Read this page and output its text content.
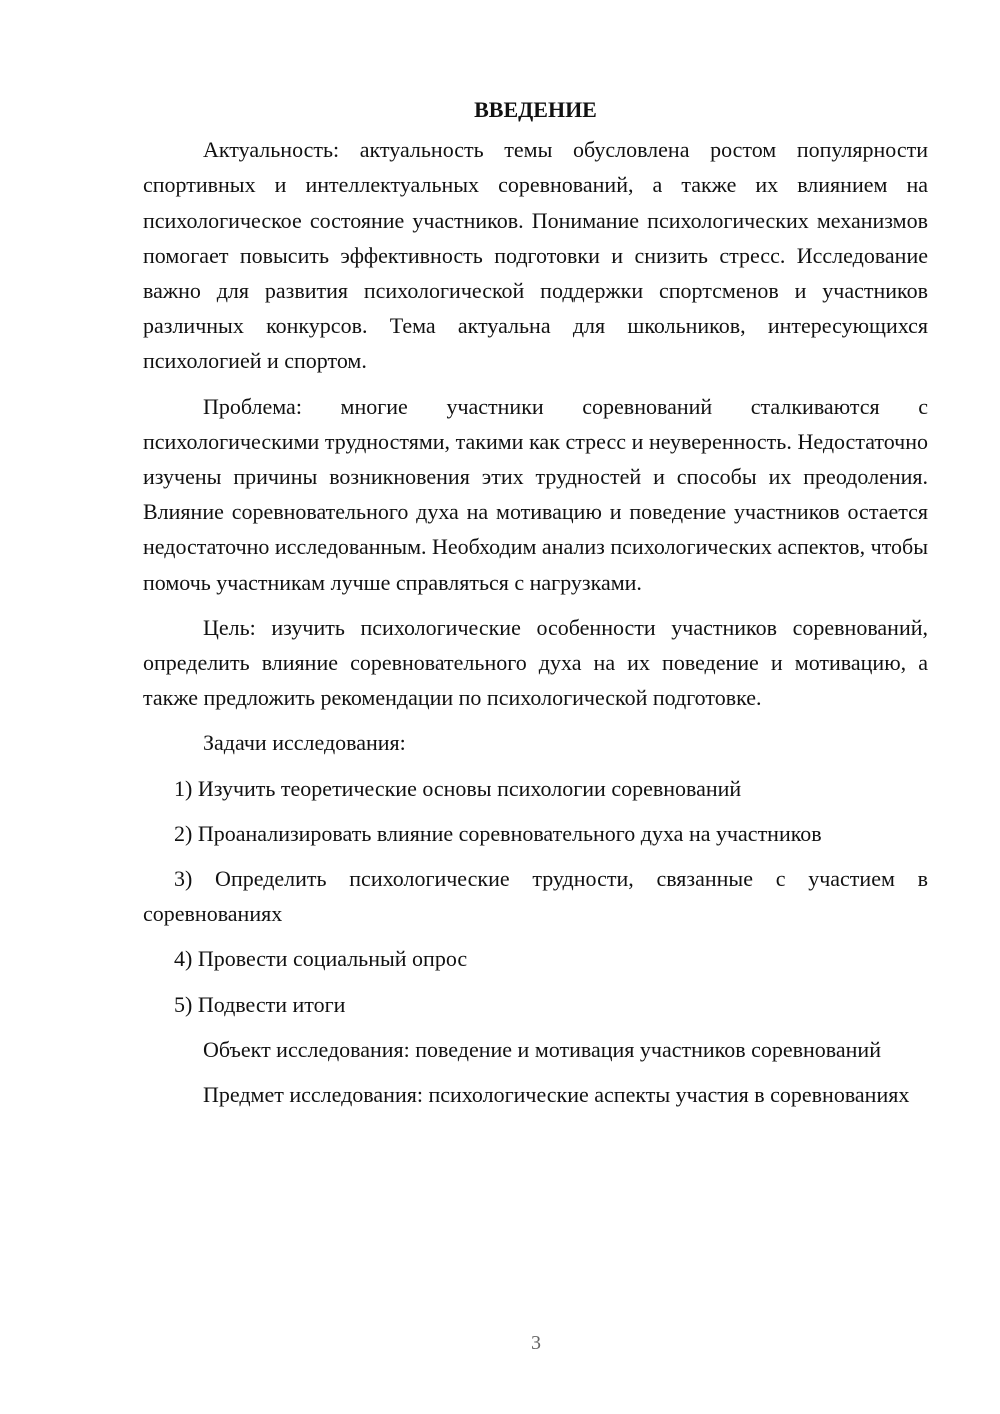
ВВЕДЕНИЕ

Актуальность: актуальность темы обусловлена ростом популярности спортивных и интеллектуальных соревнований, а также их влиянием на психологическое состояние участников. Понимание психологических механизмов помогает повысить эффективность подготовки и снизить стресс. Исследование важно для развития психологической поддержки спортсменов и участников различных конкурсов. Тема актуальна для школьников, интересующихся психологией и спортом.

Проблема: многие участники соревнований сталкиваются с психологическими трудностями, такими как стресс и неуверенность. Недостаточно изучены причины возникновения этих трудностей и способы их преодоления. Влияние соревновательного духа на мотивацию и поведение участников остается недостаточно исследованным. Необходим анализ психологических аспектов, чтобы помочь участникам лучше справляться с нагрузками.

Цель: изучить психологические особенности участников соревнований, определить влияние соревновательного духа на их поведение и мотивацию, а также предложить рекомендации по психологической подготовке.

Задачи исследования:

1) Изучить теоретические основы психологии соревнований

2) Проанализировать влияние соревновательного духа на участников

3) Определить психологические трудности, связанные с участием в соревнованиях

4) Провести социальный опрос

5) Подвести итоги

Объект исследования: поведение и мотивация участников соревнований

Предмет исследования: психологические аспекты участия в соревнованиях

3
